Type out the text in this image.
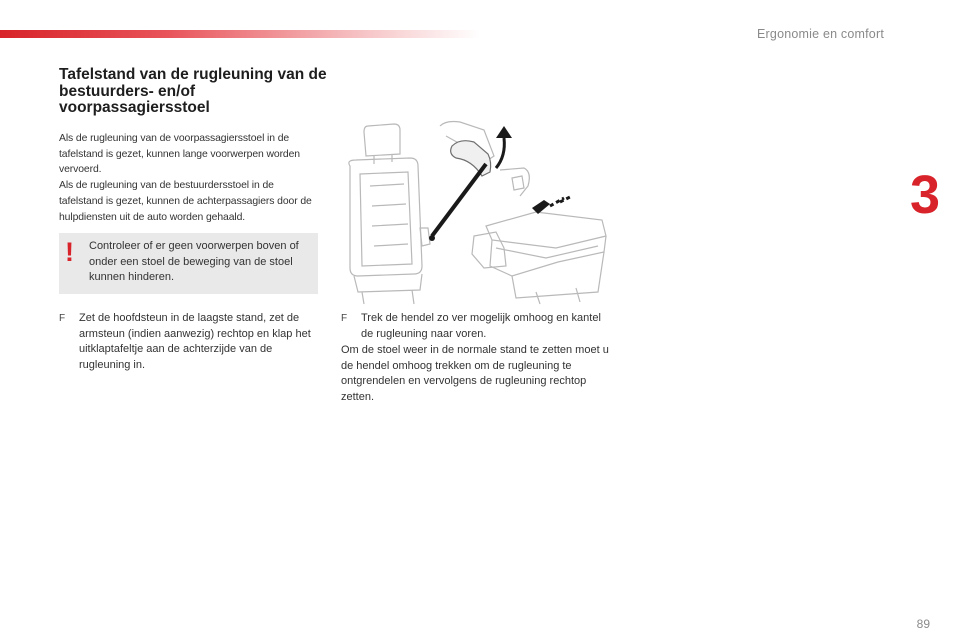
Ergonomie en comfort
3
Tafelstand van de rugleuning van de bestuurders- en/of voorpassagiersstoel

Als de rugleuning van de voorpassagiersstoel in de tafelstand is gezet, kunnen lange voorwerpen worden vervoerd.

Als de rugleuning van de bestuurdersstoel in de tafelstand is gezet, kunnen de achterpassagiers door de hulpdiensten uit de auto worden gehaald.

! Controleer of er geen voorwerpen boven of onder een stoel de beweging van de stoel kunnen hinderen.

F	Zet de hoofdsteun in de laagste stand, zet de armsteun (indien aanwezig) rechtop en klap het uitklaptafeltje aan de achterzijde van de rugleuning in.
F	Trek de hendel zo ver mogelijk omhoog en kantel de rugleuning naar voren.

Om de stoel weer in de normale stand te zetten moet u de hendel omhoog trekken om de rugleuning te ontgrendelen en vervolgens de rugleuning rechtop zetten.

89
